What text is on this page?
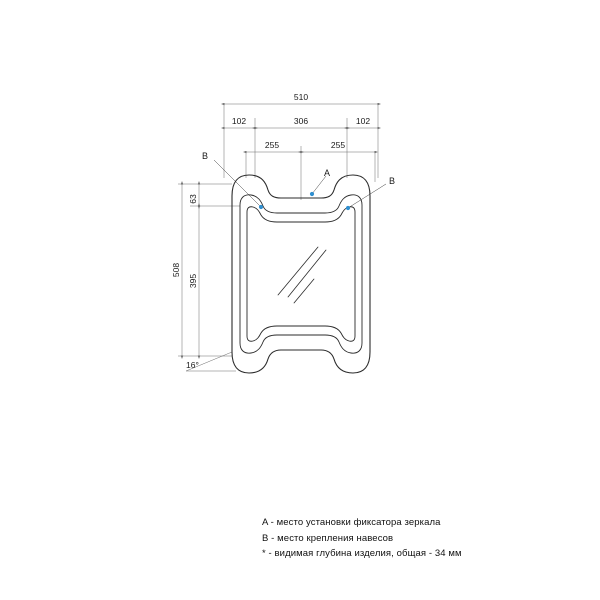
510
102	306	102
255	255
63
508
395
16°
B
A
B
A - место установки фиксатора зеркала
B - место крепления навесов
* - видимая глубина изделия, общая - 34 мм
